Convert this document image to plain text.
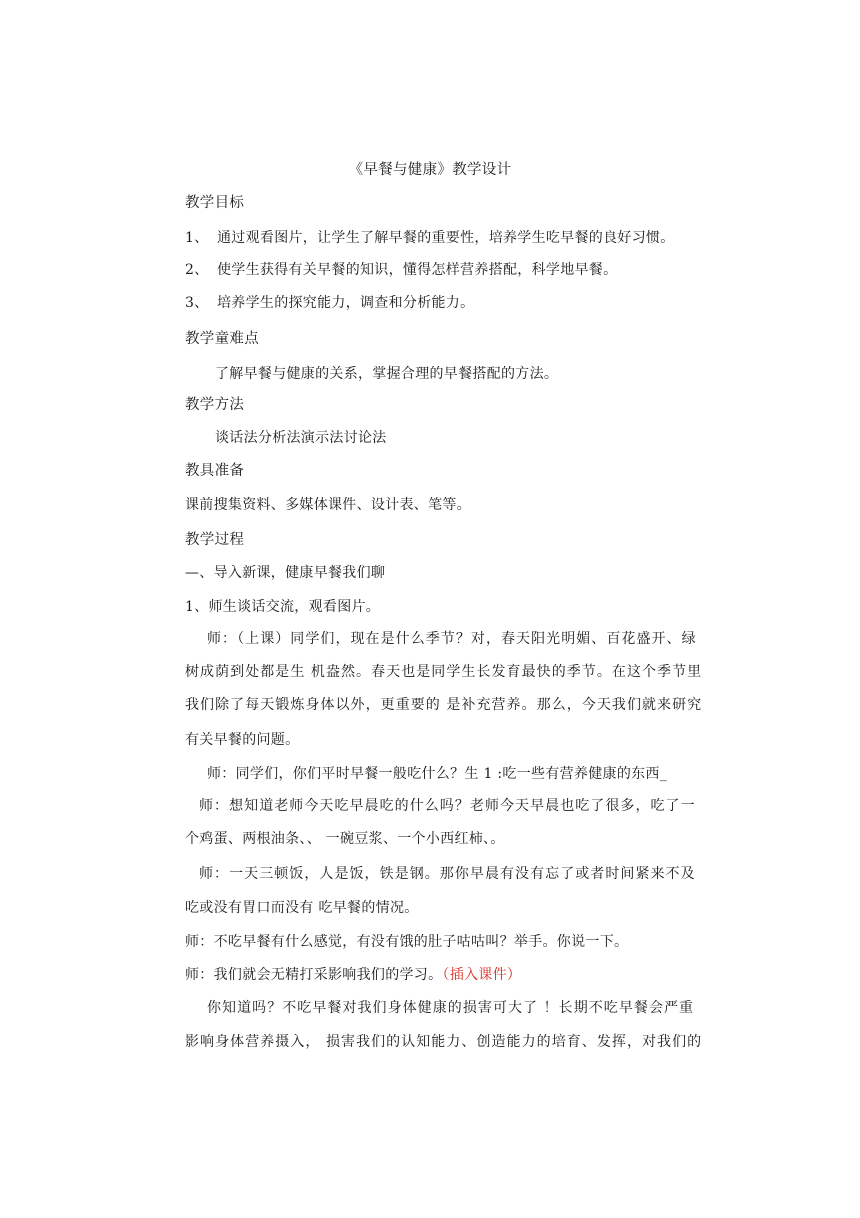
《早餐与健康》教学设计
教学目标
1、 通过观看图片，让学生了解早餐的重要性，培养学生吃早餐的良好习惯。
2、 使学生获得有关早餐的知识，懂得怎样营养搭配，科学地早餐。
3、 培养学生的探究能力，调查和分析能力。
教学童难点
了解早餐与健康的关系，掌握合理的早餐搭配的方法。
教学方法
谈话法分析法演示法讨论法
教具准备
课前搜集资料、多媒体课件、设计表、笔等。
教学过程
—、导入新课，健康早餐我们聊
1、师生谈话交流，观看图片。
师：（上课）同学们，现在是什么季节？对，春天阳光明媚、百花盛开、绿
树成荫到处都是生 机盎然。春天也是同学生长发育最快的季节。在这个季节里
我们除了每天锻炼身体以外，更重要的 是补充营养。那么，今天我们就来研究
有关早餐的问题。
师：同学们，你们平时早餐一般吃什么？生 1 :吃一些有营养健康的东西_
师：想知道老师今天吃早晨吃的什么吗？老师今天早晨也吃了很多，吃了一
个鸡蛋、两根油条、、 一碗豆浆、一个小西红柿、。
师：一天三顿饭，人是饭，铁是钢。那你早晨有没有忘了或者时间紧来不及
吃或没有胃口而没有 吃早餐的情况。
师：不吃早餐有什么感觉，有没有饿的肚子咕咕叫？举手。你说一下。
师：我们就会无精打采影响我们的学习。（插入课件）
你知道吗？不吃早餐对我们身体健康的损害可大了 ！长期不吃早餐会严重
影响身体营养摄入， 损害我们的认知能力、创造能力的培育、发挥，对我们的
